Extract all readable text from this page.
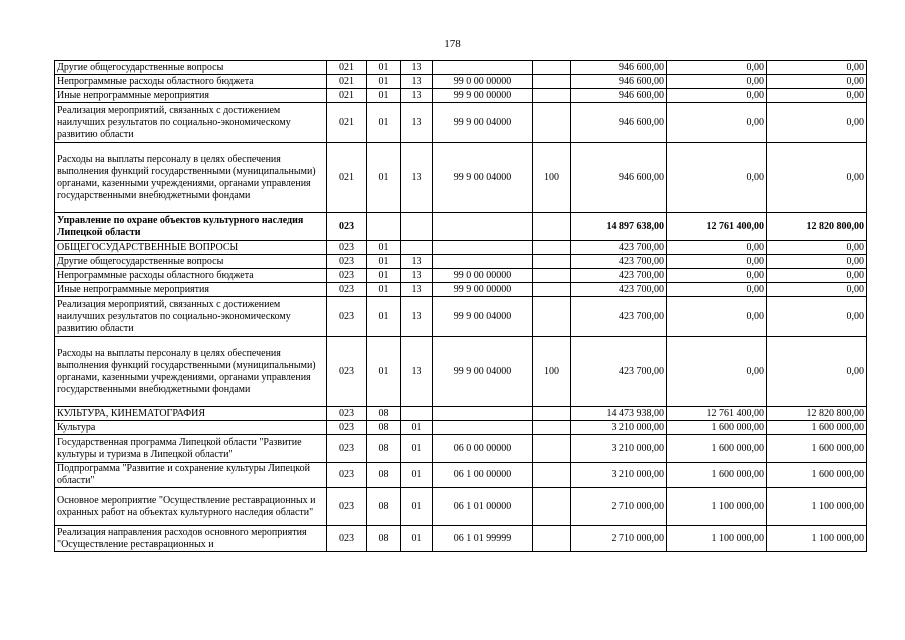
178
Другие общегосударственные вопросы	021	01	13			946 600,00	0,00	0,00
Непрограммные расходы областного бюджета	021	01	13	99 0 00 00000		946 600,00	0,00	0,00
Иные непрограммные мероприятия	021	01	13	99 9 00 00000		946 600,00	0,00	0,00
Реализация мероприятий, связанных с достижением наилучших результатов по социально-экономическому развитию области	021	01	13	99 9 00 04000		946 600,00	0,00	0,00
Расходы на выплаты персоналу в целях обеспечения выполнения функций государственными (муниципальными) органами, казенными учреждениями, органами управления государственными внебюджетными фондами	021	01	13	99 9 00 04000	100	946 600,00	0,00	0,00
Управление по охране объектов культурного наследия Липецкой области	023					14 897 638,00	12 761 400,00	12 820 800,00
ОБЩЕГОСУДАРСТВЕННЫЕ ВОПРОСЫ	023	01				423 700,00	0,00	0,00
Другие общегосударственные вопросы	023	01	13			423 700,00	0,00	0,00
Непрограммные расходы областного бюджета	023	01	13	99 0 00 00000		423 700,00	0,00	0,00
Иные непрограммные мероприятия	023	01	13	99 9 00 00000		423 700,00	0,00	0,00
Реализация мероприятий, связанных с достижением наилучших результатов по социально-экономическому развитию области	023	01	13	99 9 00 04000		423 700,00	0,00	0,00
Расходы на выплаты персоналу в целях обеспечения выполнения функций государственными (муниципальными) органами, казенными учреждениями, органами управления государственными внебюджетными фондами	023	01	13	99 9 00 04000	100	423 700,00	0,00	0,00
КУЛЬТУРА, КИНЕМАТОГРАФИЯ	023	08				14 473 938,00	12 761 400,00	12 820 800,00
Культура	023	08	01			3 210 000,00	1 600 000,00	1 600 000,00
Государственная программа Липецкой области "Развитие культуры и туризма в Липецкой области"	023	08	01	06 0 00 00000		3 210 000,00	1 600 000,00	1 600 000,00
Подпрограмма "Развитие и сохранение культуры Липецкой области"	023	08	01	06 1 00 00000		3 210 000,00	1 600 000,00	1 600 000,00
Основное мероприятие "Осуществление реставрационных и охранных работ на объектах культурного наследия области"	023	08	01	06 1 01 00000		2 710 000,00	1 100 000,00	1 100 000,00
Реализация направления расходов основного мероприятия "Осуществление реставрационных и	023	08	01	06 1 01 99999		2 710 000,00	1 100 000,00	1 100 000,00
